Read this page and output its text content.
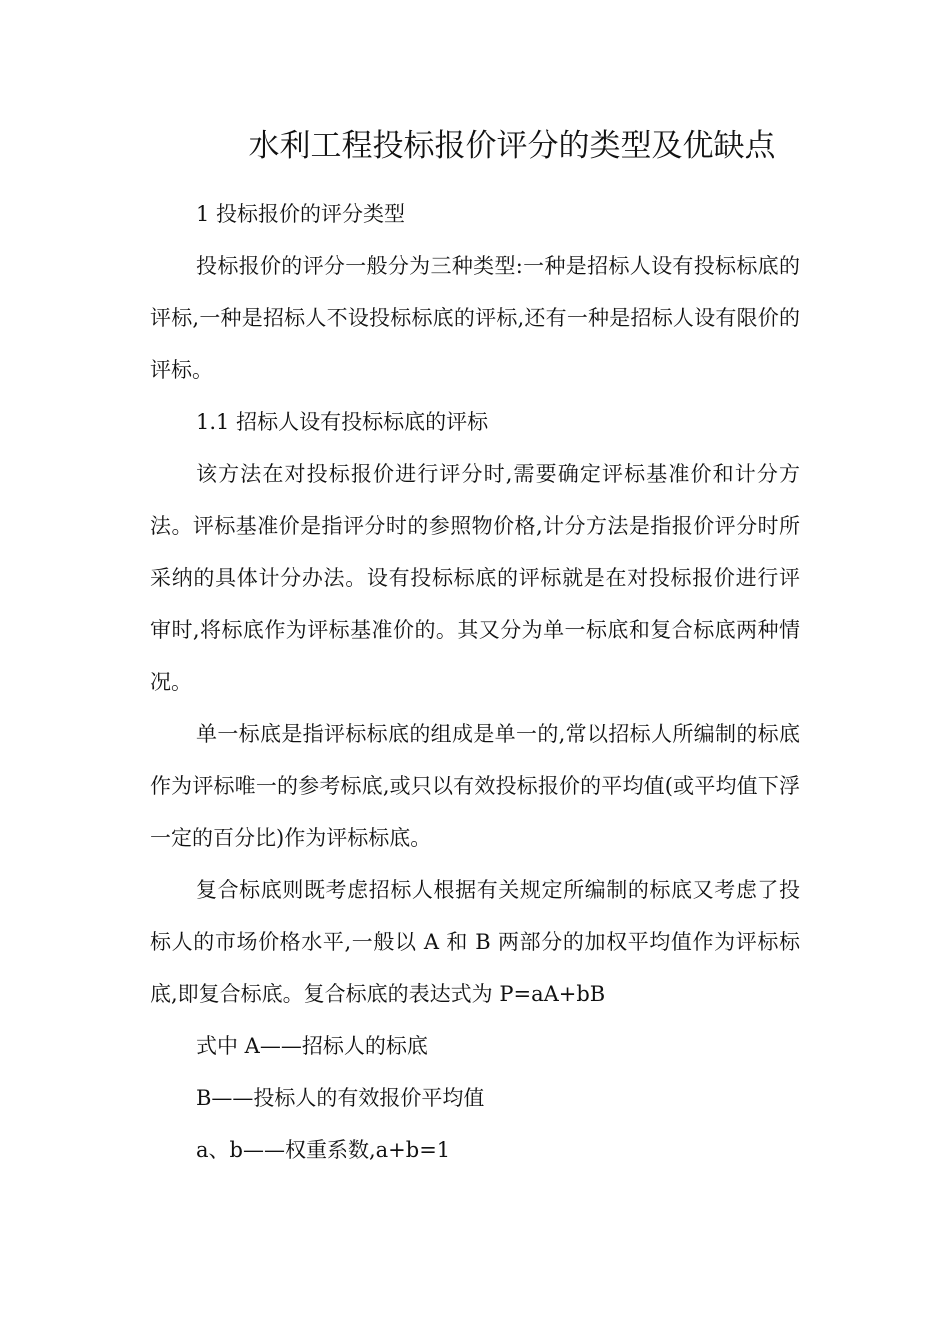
水利工程投标报价评分的类型及优缺点

1 投标报价的评分类型

投标报价的评分一般分为三种类型:一种是招标人设有投标标底的评标,一种是招标人不设投标标底的评标,还有一种是招标人设有限价的评标。

1.1 招标人设有投标标底的评标

该方法在对投标报价进行评分时,需要确定评标基准价和计分方法。评标基准价是指评分时的参照物价格,计分方法是指报价评分时所采纳的具体计分办法。设有投标标底的评标就是在对投标报价进行评审时,将标底作为评标基准价的。其又分为单一标底和复合标底两种情况。

单一标底是指评标标底的组成是单一的,常以招标人所编制的标底作为评标唯一的参考标底,或只以有效投标报价的平均值(或平均值下浮一定的百分比)作为评标标底。

复合标底则既考虑招标人根据有关规定所编制的标底又考虑了投标人的市场价格水平,一般以 A 和 B 两部分的加权平均值作为评标标底,即复合标底。复合标底的表达式为 P=aA+bB

式中 A——招标人的标底

B——投标人的有效报价平均值

a、b——权重系数,a+b=1
